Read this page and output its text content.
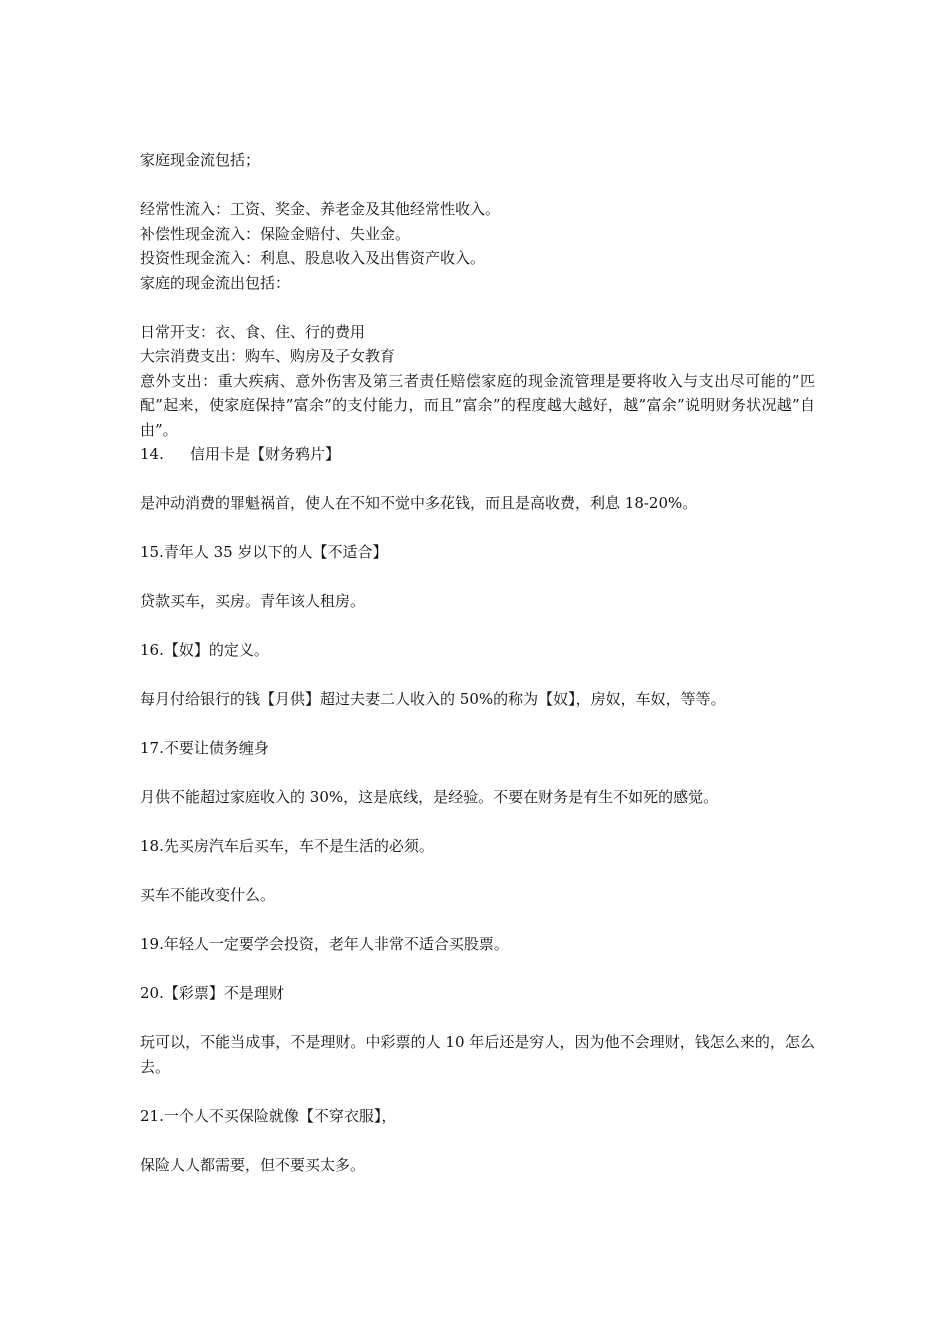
家庭现金流包括；

经常性流入：工资、奖金、养老金及其他经常性收入。

补偿性现金流入：保险金赔付、失业金。

投资性现金流入：利息、股息收入及出售资产收入。

家庭的现金流出包括：

日常开支：衣、食、住、行的费用

大宗消费支出：购车、购房及子女教育

意外支出：重大疾病、意外伤害及第三者责任赔偿家庭的现金流管理是要将收入与支出尽可能的”匹配”起来，使家庭保持”富余”的支付能力，而且”富余”的程度越大越好，越”富余”说明财务状况越”自由”。

14. 信用卡是【财务鸦片】

是冲动消费的罪魁祸首，使人在不知不觉中多花钱，而且是高收费，利息 18-20%。

15.青年人 35 岁以下的人【不适合】

贷款买车，买房。青年该人租房。

16.【奴】的定义。

每月付给银行的钱【月供】超过夫妻二人收入的 50%的称为【奴】，房奴，车奴，等等。

17.不要让债务缠身

月供不能超过家庭收入的 30%，这是底线，是经验。不要在财务是有生不如死的感觉。

18.先买房汽车后买车，车不是生活的必须。

买车不能改变什么。

19.年轻人一定要学会投资，老年人非常不适合买股票。

20.【彩票】不是理财

玩可以，不能当成事，不是理财。中彩票的人 10 年后还是穷人，因为他不会理财，钱怎么来的，怎么去。

21.一个人不买保险就像【不穿衣服】，

保险人人都需要，但不要买太多。
